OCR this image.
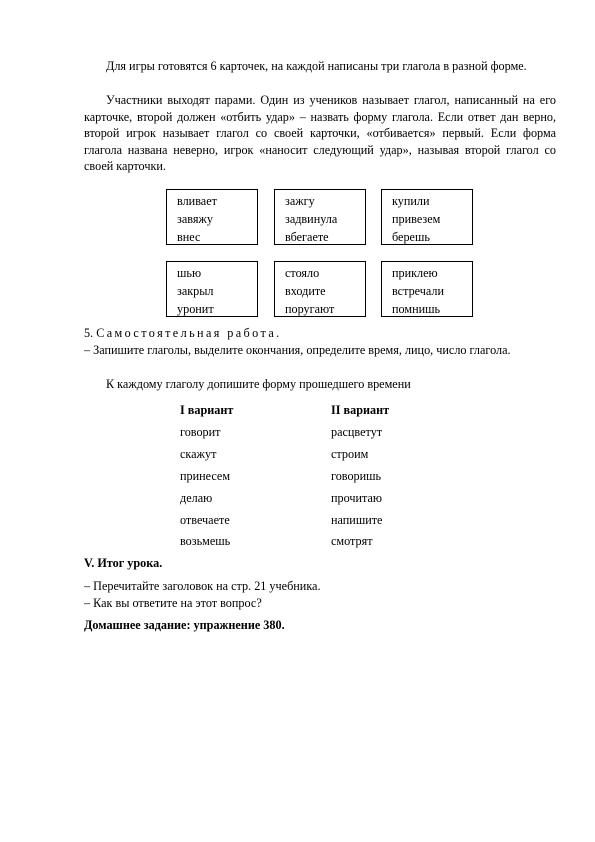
Для игры готовятся 6 карточек, на каждой написаны три глагола в разной форме.

Участники выходят парами. Один из учеников называет глагол, написанный на его карточке, второй должен «отбить удар» – назвать форму глагола. Если ответ дан верно, второй игрок называет глагол со своей карточки, «отбивается» первый. Если форма глагола названа неверно, игрок «наносит следующий удар», называя второй глагол со своей карточки.

вливает
завяжу
внес
зажгу
задвинула
вбегаете
купили
привезем
берешь
шью
закрыл
уронит
стояло
входите
поругают
приклею
встречали
помнишь

5. Самостоятельная работа.

– Запишите глаголы, выделите окончания, определите время, лицо, число глагола.

К каждому глаголу допишите форму прошедшего времени

I вариант	II вариант
говорит
скажут
принесем
делаю
отвечаете
возьмешь
расцветут
строим
говоришь
прочитаю
напишите
смотрят

V. Итог урока.

– Перечитайте заголовок на стр. 21 учебника.

– Как вы ответите на этот вопрос?

Домашнее задание: упражнение 380.
